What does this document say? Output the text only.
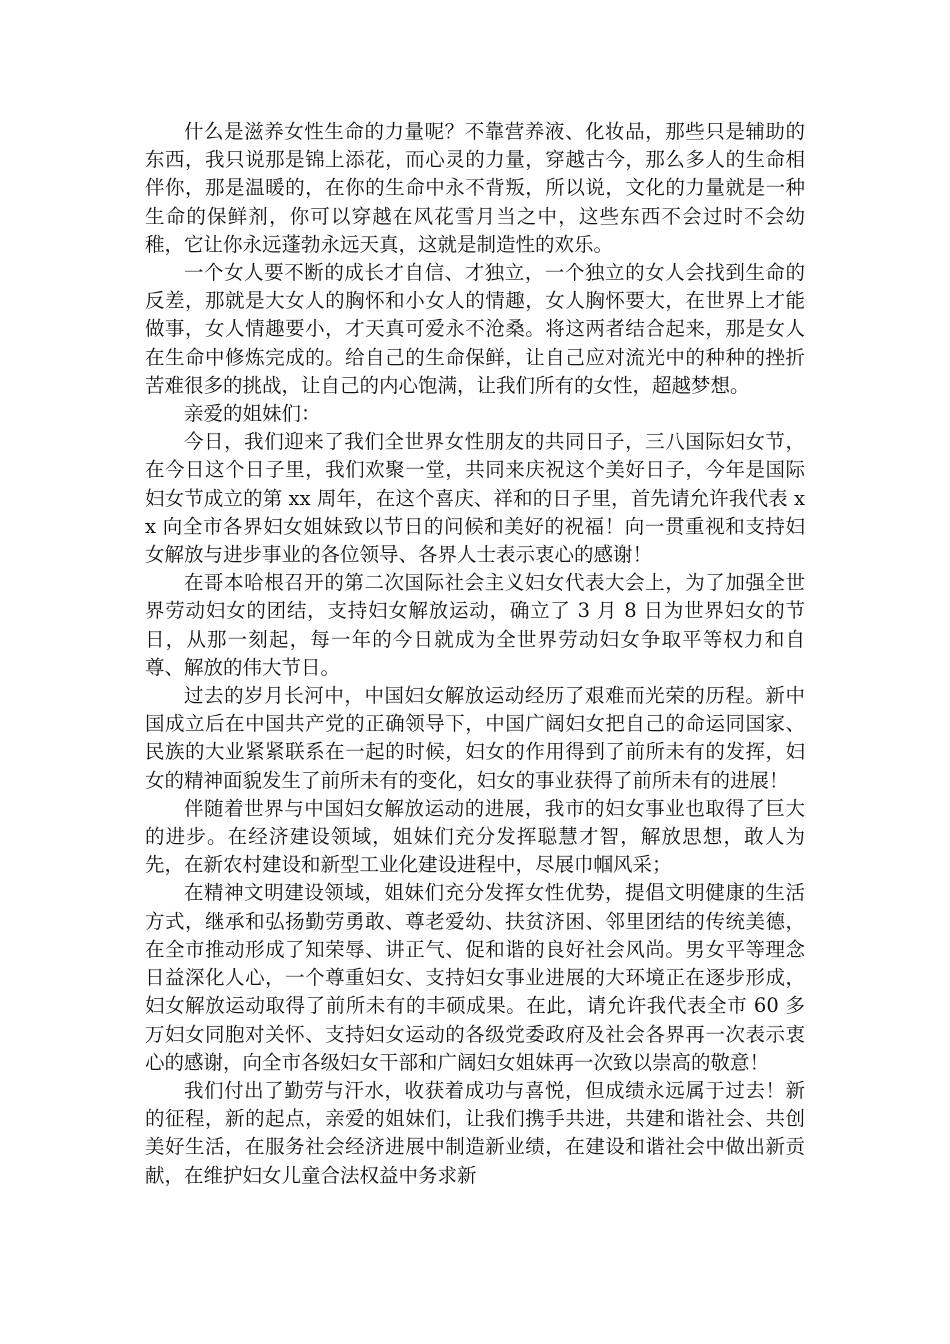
什么是滋养女性生命的力量呢？不靠营养液、化妆品，那些只是辅助的东西，我只说那是锦上添花，而心灵的力量，穿越古今，那么多人的生命相伴你，那是温暖的，在你的生命中永不背叛，所以说，文化的力量就是一种生命的保鲜剂，你可以穿越在风花雪月当之中，这些东西不会过时不会幼稚，它让你永远蓬勃永远天真，这就是制造性的欢乐。

一个女人要不断的成长才自信、才独立，一个独立的女人会找到生命的反差，那就是大女人的胸怀和小女人的情趣，女人胸怀要大，在世界上才能做事，女人情趣要小，才天真可爱永不沧桑。将这两者结合起来，那是女人在生命中修炼完成的。给自己的生命保鲜，让自己应对流光中的种种的挫折苦难很多的挑战，让自己的内心饱满，让我们所有的女性，超越梦想。

亲爱的姐妹们：

今日，我们迎来了我们全世界女性朋友的共同日子，三八国际妇女节，在今日这个日子里，我们欢聚一堂，共同来庆祝这个美好日子，今年是国际妇女节成立的第 xx 周年，在这个喜庆、祥和的日子里，首先请允许我代表 xx 向全市各界妇女姐妹致以节日的问候和美好的祝福！向一贯重视和支持妇女解放与进步事业的各位领导、各界人士表示衷心的感谢！

在哥本哈根召开的第二次国际社会主义妇女代表大会上，为了加强全世界劳动妇女的团结，支持妇女解放运动，确立了 3 月 8 日为世界妇女的节日，从那一刻起，每一年的今日就成为全世界劳动妇女争取平等权力和自尊、解放的伟大节日。

过去的岁月长河中，中国妇女解放运动经历了艰难而光荣的历程。新中国成立后在中国共产党的正确领导下，中国广阔妇女把自己的命运同国家、民族的大业紧紧联系在一起的时候，妇女的作用得到了前所未有的发挥，妇女的精神面貌发生了前所未有的变化，妇女的事业获得了前所未有的进展！

伴随着世界与中国妇女解放运动的进展，我市的妇女事业也取得了巨大的进步。在经济建设领域，姐妹们充分发挥聪慧才智，解放思想，敢人为先，在新农村建设和新型工业化建设进程中，尽展巾帼风采；

在精神文明建设领域，姐妹们充分发挥女性优势，提倡文明健康的生活方式，继承和弘扬勤劳勇敢、尊老爱幼、扶贫济困、邻里团结的传统美德，在全市推动形成了知荣辱、讲正气、促和谐的良好社会风尚。男女平等理念日益深化人心，一个尊重妇女、支持妇女事业进展的大环境正在逐步形成，妇女解放运动取得了前所未有的丰硕成果。在此，请允许我代表全市 60 多万妇女同胞对关怀、支持妇女运动的各级党委政府及社会各界再一次表示衷心的感谢，向全市各级妇女干部和广阔妇女姐妹再一次致以崇高的敬意！

我们付出了勤劳与汗水，收获着成功与喜悦，但成绩永远属于过去！新的征程，新的起点，亲爱的姐妹们，让我们携手共进，共建和谐社会、共创美好生活，在服务社会经济进展中制造新业绩，在建设和谐社会中做出新贡献，在维护妇女儿童合法权益中务求新
